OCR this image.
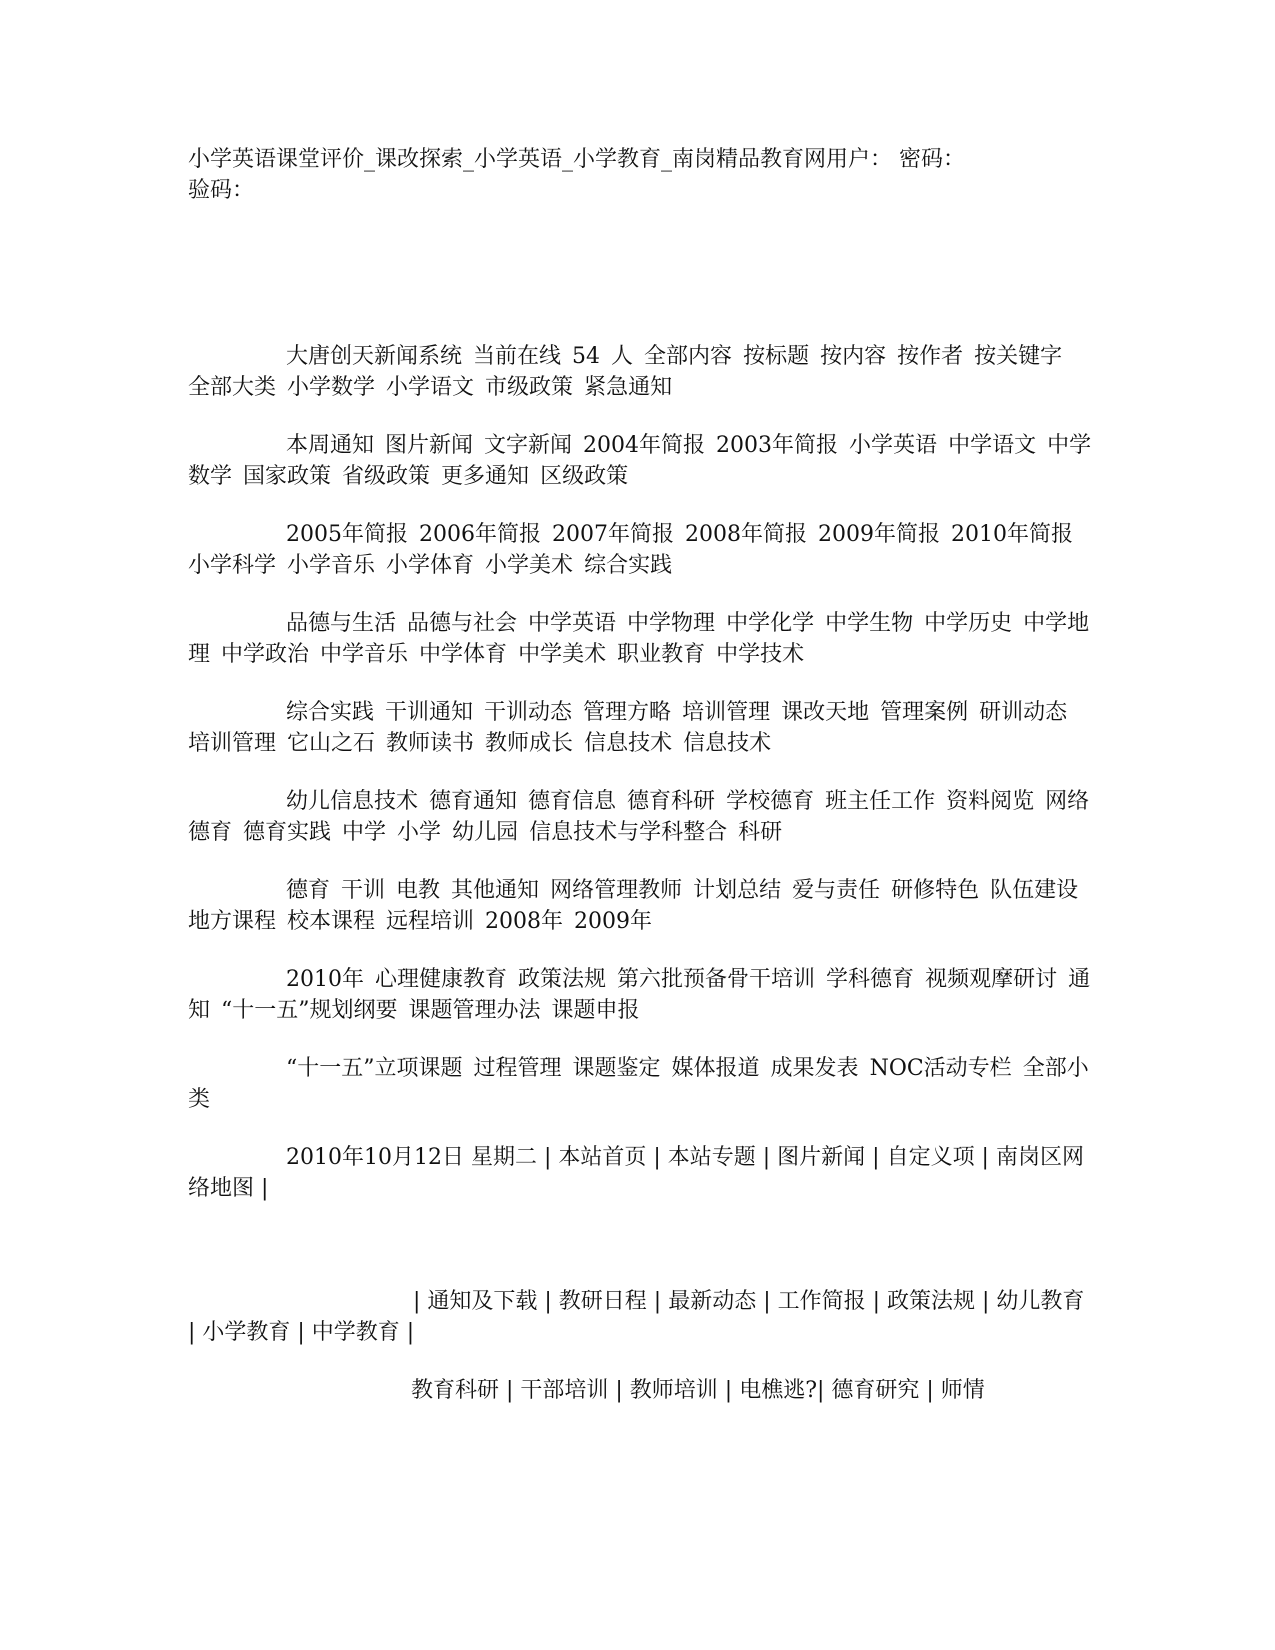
小学英语课堂评价_课改探索_小学英语_小学教育_南岗精品教育网用户： 密码：
验码：

大唐创天新闻系统 当前在线 54 人 全部内容 按标题 按内容 按作者 按关键字全部大类 小学数学 小学语文 市级政策 紧急通知

本周通知 图片新闻 文字新闻 2004年简报 2003年简报 小学英语 中学语文 中学数学 国家政策 省级政策 更多通知 区级政策

2005年简报 2006年简报 2007年简报 2008年简报 2009年简报 2010年简报小学科学 小学音乐 小学体育 小学美术 综合实践

品德与生活 品德与社会 中学英语 中学物理 中学化学 中学生物 中学历史 中学地理 中学政治 中学音乐 中学体育 中学美术 职业教育 中学技术

综合实践 干训通知 干训动态 管理方略 培训管理 课改天地 管理案例 研训动态培训管理 它山之石 教师读书 教师成长 信息技术 信息技术

幼儿信息技术 德育通知 德育信息 德育科研 学校德育 班主任工作 资料阅览 网络德育 德育实践 中学 小学 幼儿园 信息技术与学科整合 科研

德育 干训 电教 其他通知 网络管理教师 计划总结 爱与责任 研修特色 队伍建设地方课程 校本课程 远程培训 2008年 2009年

2010年 心理健康教育 政策法规 第六批预备骨干培训 学科德育 视频观摩研讨 通知 “十一五”规划纲要 课题管理办法 课题申报

“十一五”立项课题 过程管理 课题鉴定 媒体报道 成果发表 NOC活动专栏 全部小类

2010年10月12日 星期二 | 本站首页 | 本站专题 | 图片新闻 | 自定义项 | 南岗区网络地图 |

| 通知及下载 | 教研日程 | 最新动态 | 工作简报 | 政策法规 | 幼儿教育 | 小学教育 | 中学教育 |

教育科研 | 干部培训 | 教师培训 | 电樵逃?| 德育研究 | 师情
